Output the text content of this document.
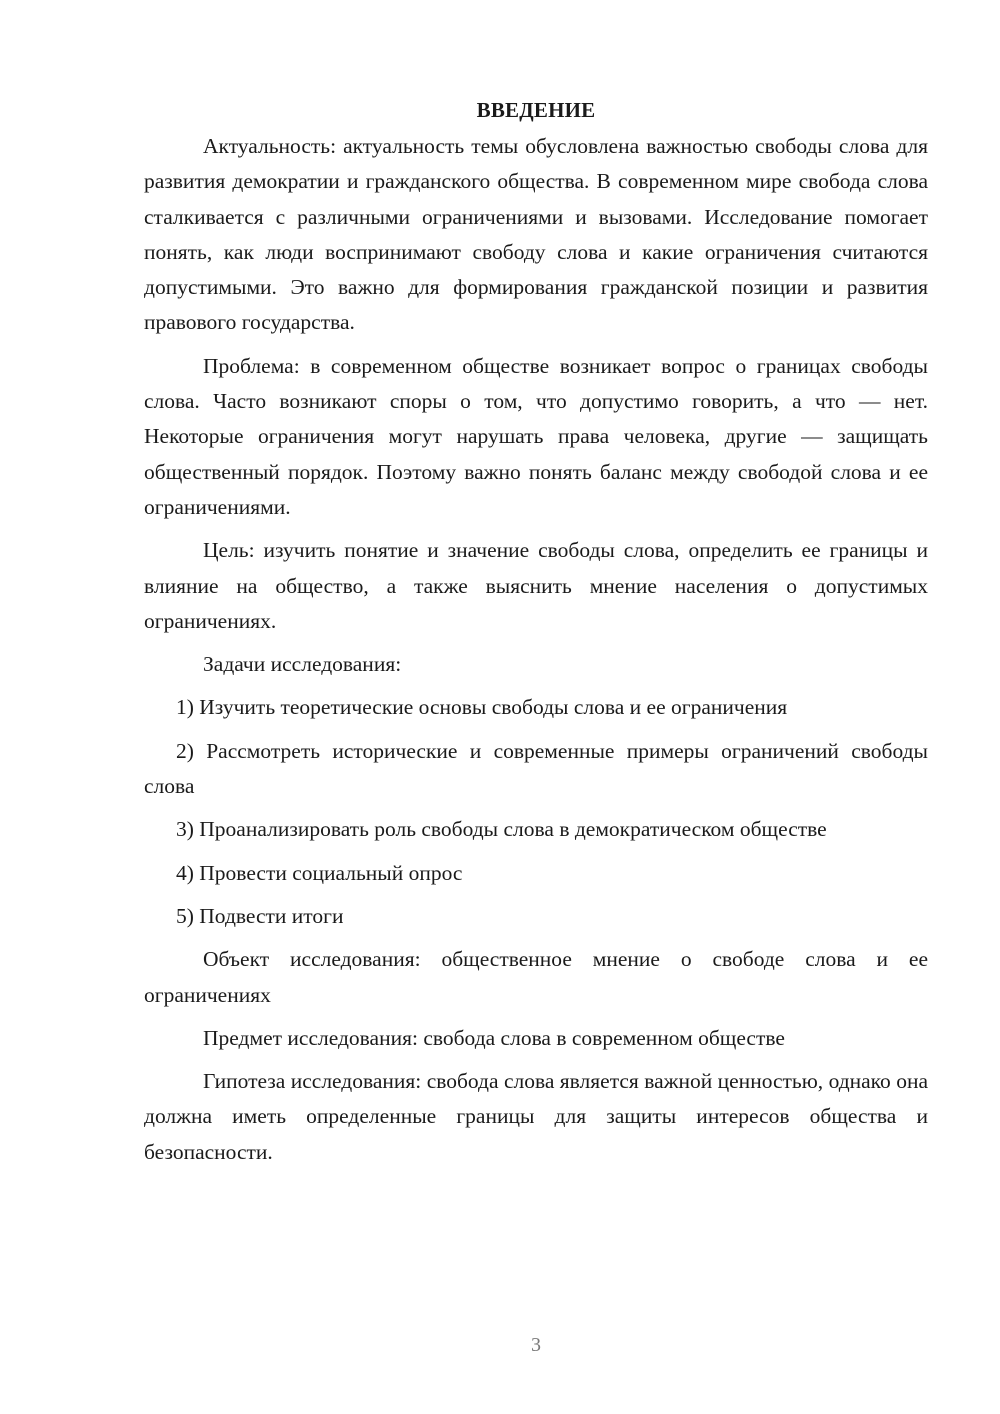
ВВЕДЕНИЕ

Актуальность: актуальность темы обусловлена важностью свободы слова для развития демократии и гражданского общества. В современном мире свобода слова сталкивается с различными ограничениями и вызовами. Исследование помогает понять, как люди воспринимают свободу слова и какие ограничения считаются допустимыми. Это важно для формирования гражданской позиции и развития правового государства.

Проблема: в современном обществе возникает вопрос о границах свободы слова. Часто возникают споры о том, что допустимо говорить, а что — нет. Некоторые ограничения могут нарушать права человека, другие — защищать общественный порядок. Поэтому важно понять баланс между свободой слова и ее ограничениями.

Цель: изучить понятие и значение свободы слова, определить ее границы и влияние на общество, а также выяснить мнение населения о допустимых ограничениях.

Задачи исследования:

1) Изучить теоретические основы свободы слова и ее ограничения

2) Рассмотреть исторические и современные примеры ограничений свободы слова

3) Проанализировать роль свободы слова в демократическом обществе

4) Провести социальный опрос

5) Подвести итоги

Объект исследования: общественное мнение о свободе слова и ее ограничениях

Предмет исследования: свобода слова в современном обществе

Гипотеза исследования: свобода слова является важной ценностью, однако она должна иметь определенные границы для защиты интересов общества и безопасности.

3
